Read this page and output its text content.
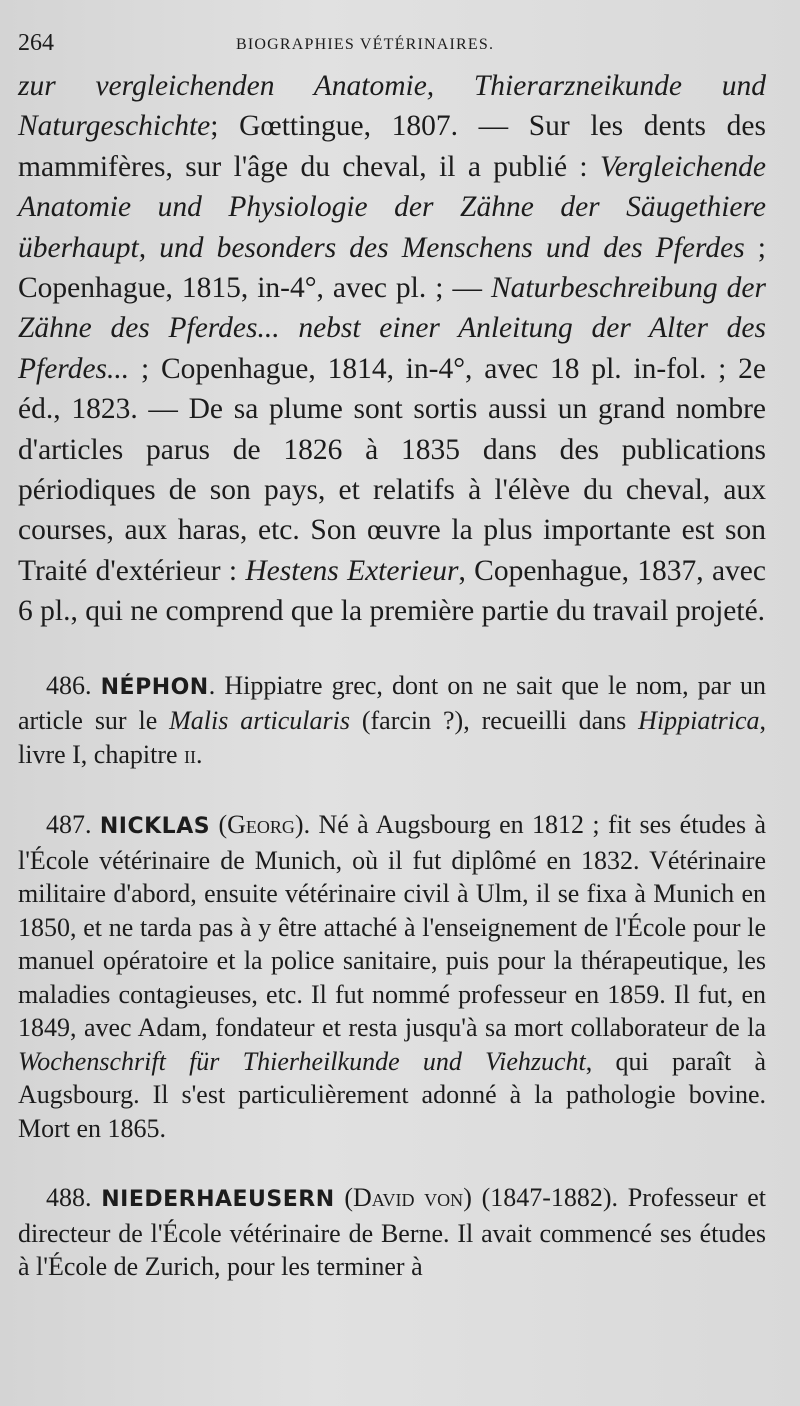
264	BIOGRAPHIES VÉTÉRINAIRES.

zur vergleichenden Anatomie, Thierarzneikunde und Naturgeschichte; Gœttingue, 1807. — Sur les dents des mammifères, sur l'âge du cheval, il a publié : Vergleichende Anatomie und Physiologie der Zähne der Säugethiere überhaupt, und besonders des Menschens und des Pferdes ; Copenhague, 1815, in-4°, avec pl. ; — Naturbeschreibung der Zähne des Pferdes... nebst einer Anleitung der Alter des Pferdes... ; Copenhague, 1814, in-4°, avec 18 pl. in-fol. ; 2e éd., 1823. — De sa plume sont sortis aussi un grand nombre d'articles parus de 1826 à 1835 dans des publications périodiques de son pays, et relatifs à l'élève du cheval, aux courses, aux haras, etc. Son œuvre la plus importante est son Traité d'extérieur : Hestens Exterieur, Copenhague, 1837, avec 6 pl., qui ne comprend que la première partie du travail projeté.

486. NÉPHON. Hippiatre grec, dont on ne sait que le nom, par un article sur le Malis articularis (farcin ?), recueilli dans Hippiatrica, livre I, chapitre ii.

487. NICKLAS (Georg). Né à Augsbourg en 1812 ; fit ses études à l'École vétérinaire de Munich, où il fut diplômé en 1832. Vétérinaire militaire d'abord, ensuite vétérinaire civil à Ulm, il se fixa à Munich en 1850, et ne tarda pas à y être attaché à l'enseignement de l'École pour le manuel opératoire et la police sanitaire, puis pour la thérapeutique, les maladies contagieuses, etc. Il fut nommé professeur en 1859. Il fut, en 1849, avec Adam, fondateur et resta jusqu'à sa mort collaborateur de la Wochenschrift für Thierheilkunde und Viehzucht, qui paraît à Augsbourg. Il s'est particulièrement adonné à la pathologie bovine. Mort en 1865.

488. NIEDERHAEUSERN (David von) (1847-1882). Professeur et directeur de l'École vétérinaire de Berne. Il avait commencé ses études à l'École de Zurich, pour les terminer à
